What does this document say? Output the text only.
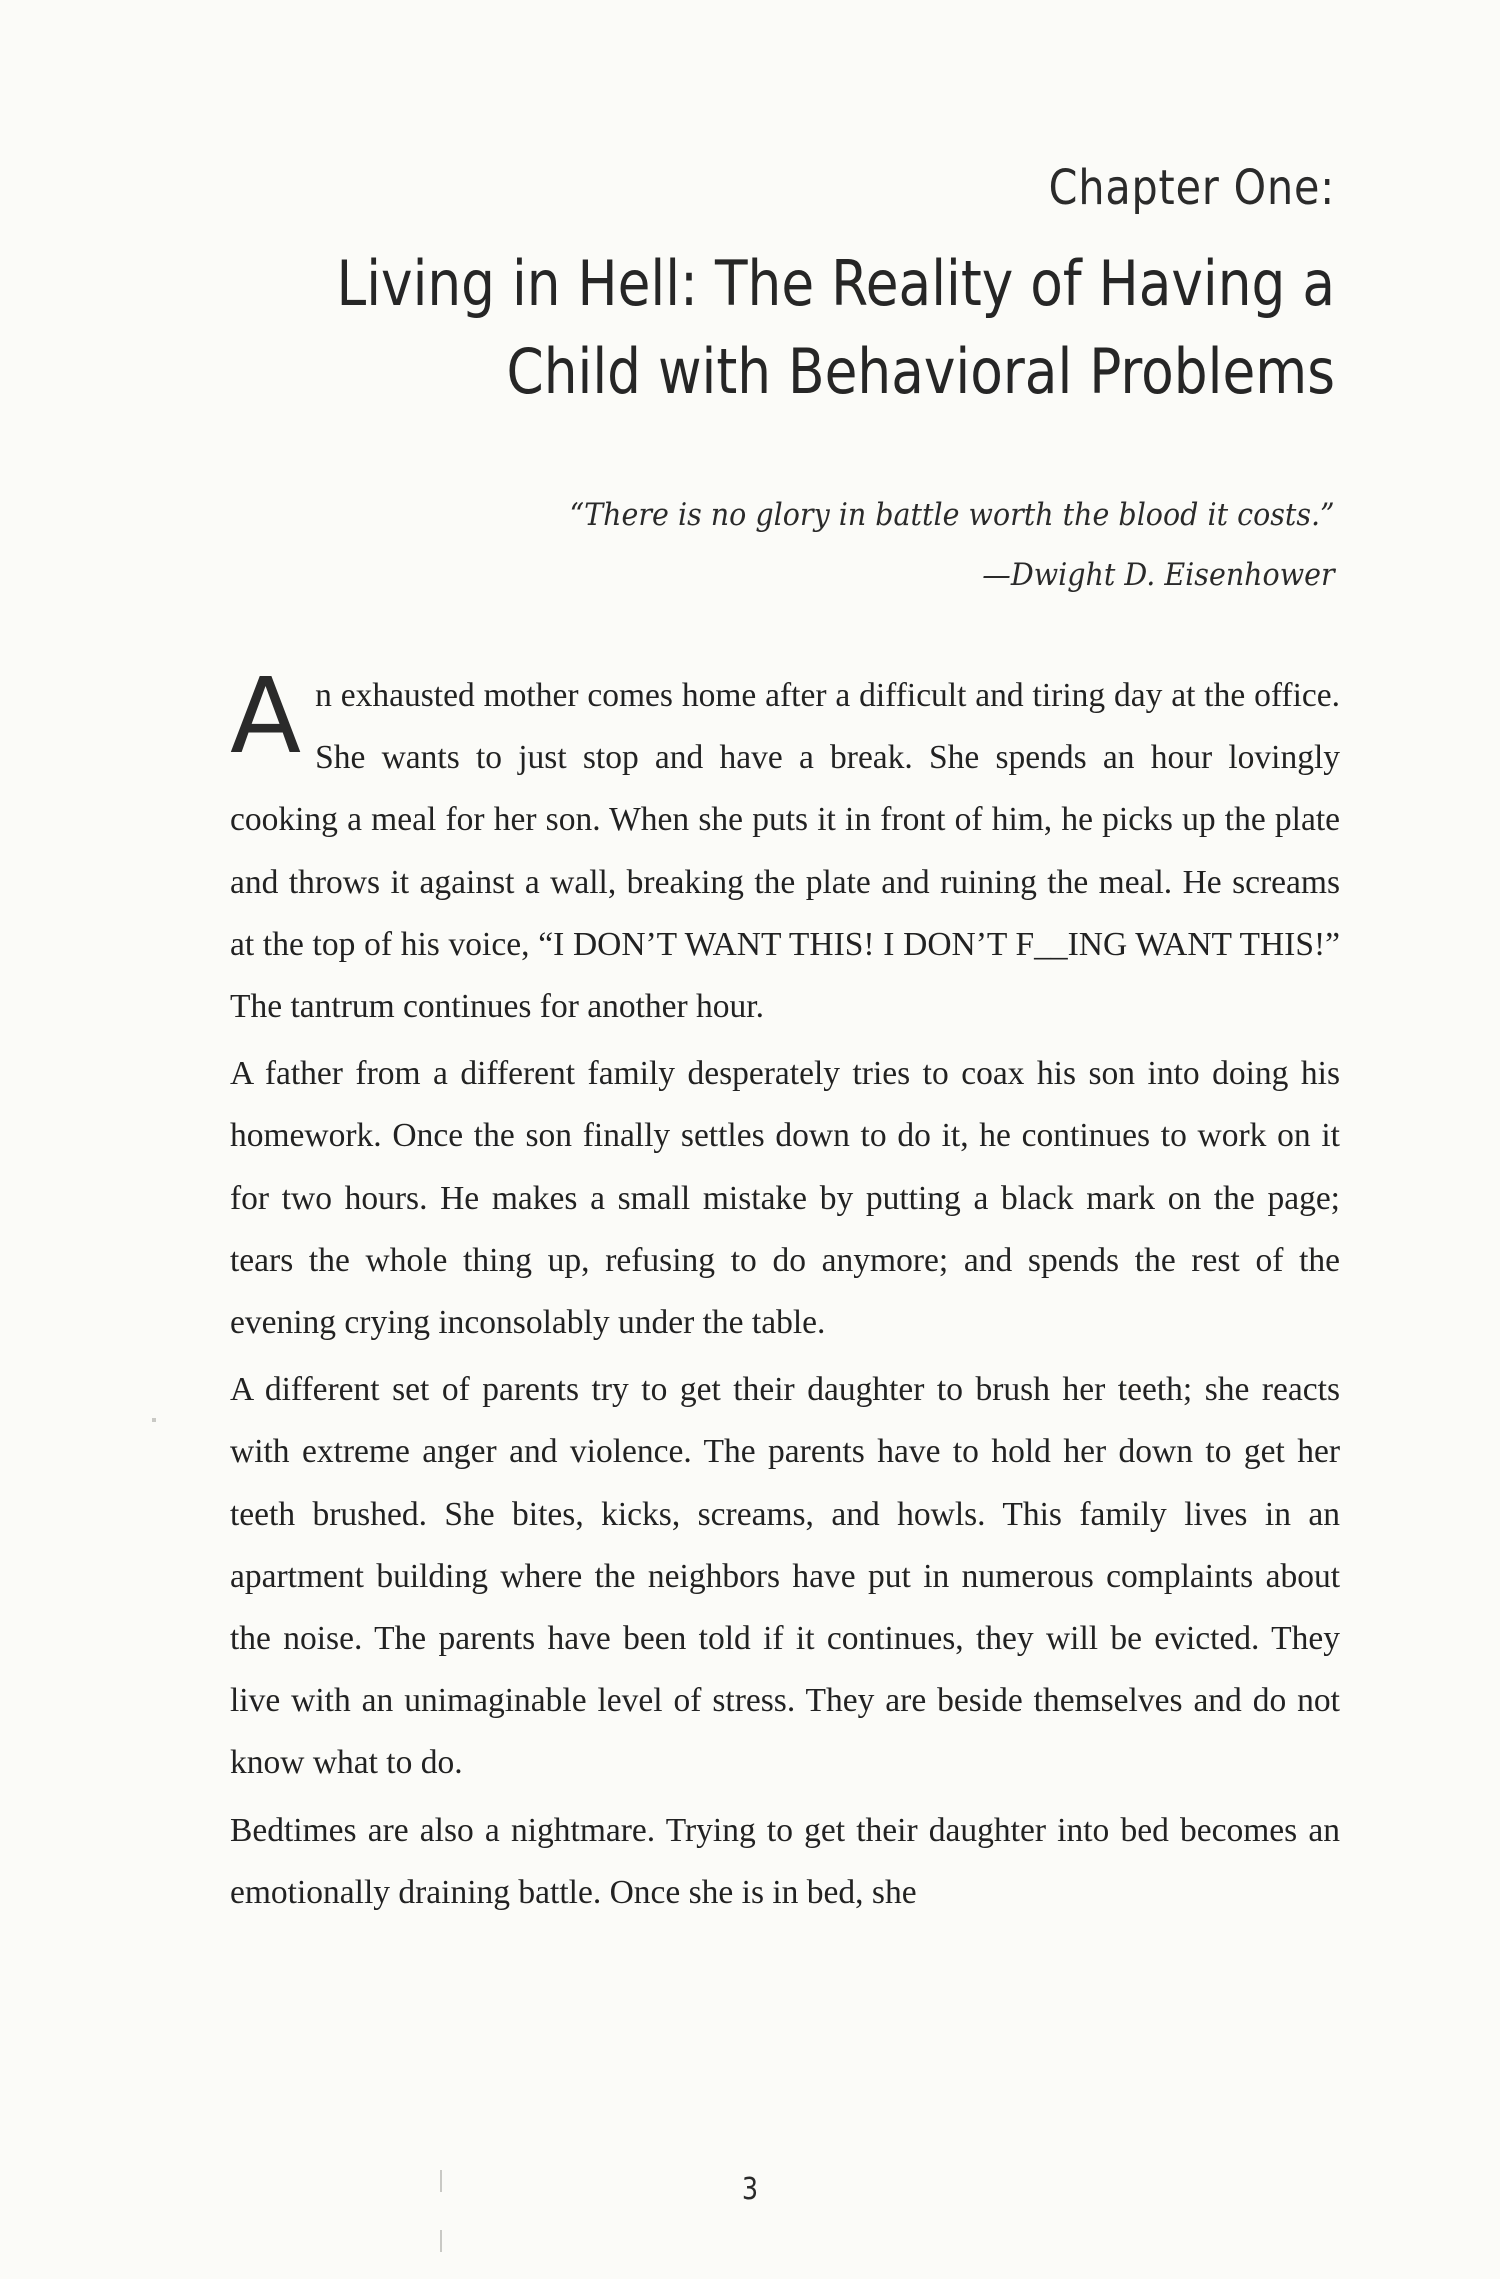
Chapter One:
Living in Hell: The Reality of Having a
Child with Behavioral Problems
“There is no glory in battle worth the blood it costs.”
—Dwight D. Eisenhower

An exhausted mother comes home after a difficult and tiring day at the office. She wants to just stop and have a break. She spends an hour lovingly cooking a meal for her son. When she puts it in front of him, he picks up the plate and throws it against a wall, breaking the plate and ruining the meal. He screams at the top of his voice, “I DON’T WANT THIS! I DON’T F__ING WANT THIS!” The tantrum continues for another hour.

A father from a different family desperately tries to coax his son into doing his homework. Once the son finally settles down to do it, he continues to work on it for two hours. He makes a small mistake by putting a black mark on the page; tears the whole thing up, refusing to do anymore; and spends the rest of the evening crying inconsolably under the table.

A different set of parents try to get their daughter to brush her teeth; she reacts with extreme anger and violence. The parents have to hold her down to get her teeth brushed. She bites, kicks, screams, and howls. This family lives in an apartment building where the neighbors have put in numerous complaints about the noise. The parents have been told if it continues, they will be evicted. They live with an unimaginable level of stress. They are beside themselves and do not know what to do.

Bedtimes are also a nightmare. Trying to get their daughter into bed becomes an emotionally draining battle. Once she is in bed, she

3
